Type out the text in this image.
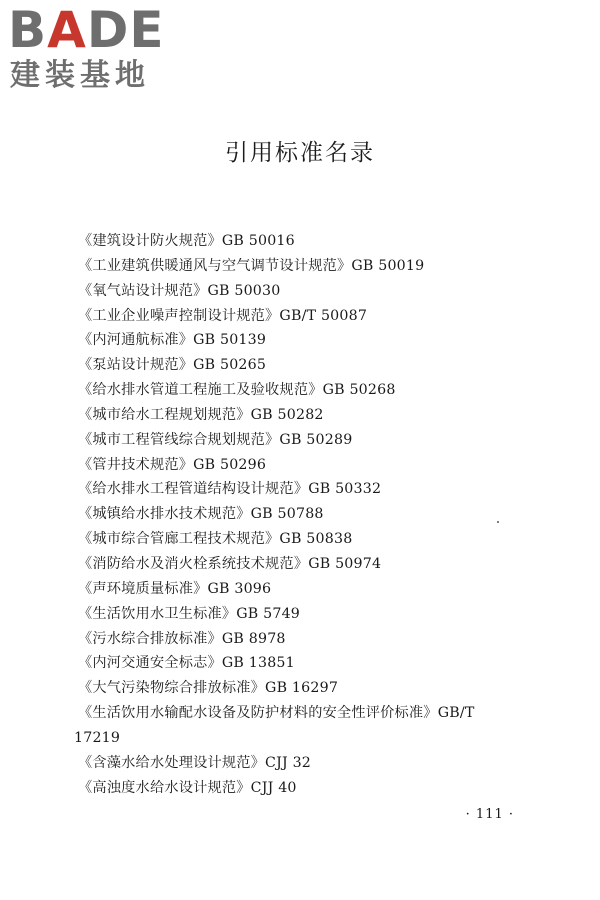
BADE
建装基地
引用标准名录
《建筑设计防火规范》GB 50016
《工业建筑供暖通风与空气调节设计规范》GB 50019
《氧气站设计规范》GB 50030
《工业企业噪声控制设计规范》GB/T 50087
《内河通航标准》GB 50139
《泵站设计规范》GB 50265
《给水排水管道工程施工及验收规范》GB 50268
《城市给水工程规划规范》GB 50282
《城市工程管线综合规划规范》GB 50289
《管井技术规范》GB 50296
《给水排水工程管道结构设计规范》GB 50332
《城镇给水排水技术规范》GB 50788
《城市综合管廊工程技术规范》GB 50838
《消防给水及消火栓系统技术规范》GB 50974
《声环境质量标准》GB 3096
《生活饮用水卫生标准》GB 5749
《污水综合排放标准》GB 8978
《内河交通安全标志》GB 13851
《大气污染物综合排放标准》GB 16297
《生活饮用水输配水设备及防护材料的安全性评价标准》GB/T
17219
《含藻水给水处理设计规范》CJJ 32
《高浊度水给水设计规范》CJJ 40
· 111 ·
